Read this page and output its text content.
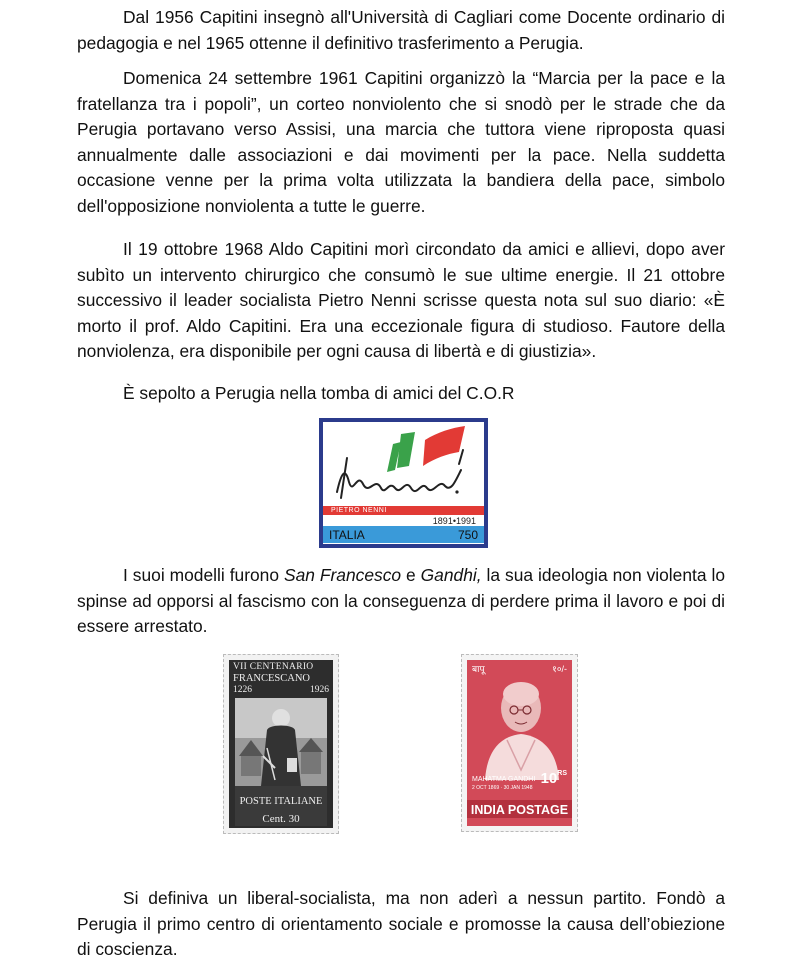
Dal 1956 Capitini insegnò all'Università di Cagliari come Docente ordinario di pedagogia e nel 1965 ottenne il definitivo trasferimento a Perugia.

Domenica 24 settembre 1961 Capitini organizzò la “Marcia per la pace e la fratellanza tra i popoli”, un corteo nonviolento che si snodò per le strade che da Perugia portavano verso Assisi, una marcia che tuttora viene riproposta quasi annualmente dalle associazioni e dai movimenti per la pace. Nella suddetta occasione venne per la prima volta utilizzata la bandiera della pace, simbolo dell'opposizione nonviolenta a tutte le guerre.

Il 19 ottobre 1968 Aldo Capitini morì circondato da amici e allievi, dopo aver subìto un intervento chirurgico che consumò le sue ultime energie. Il 21 ottobre successivo il leader socialista Pietro Nenni scrisse questa nota sul suo diario: «È morto il prof. Aldo Capitini. Era una eccezionale figura di studioso. Fautore della nonviolenza, era disponibile per ogni causa di libertà e di giustizia».

È sepolto a Perugia nella tomba di amici del C.O.R

PIETRO NENNI
1891•1991
ITALIA	750

I suoi modelli furono San Francesco e Gandhi, la sua ideologia non violenta lo spinse ad opporsi al fascismo con la conseguenza di perdere prima il lavoro e poi di essere arrestato.

VII CENTENARIO
FRANCESCANO
1226	1926
POSTE ITALIANE
Cent. 30
बापू	१०/-
MAHATMA GANDHI
2 OCT 1869 · 30 JAN 1948
$10^{RS}$
INDIA POSTAGE

Si definiva un liberal-socialista, ma non aderì a nessun partito. Fondò a Perugia il primo centro di orientamento sociale e promosse la causa dell’obiezione di coscienza.
